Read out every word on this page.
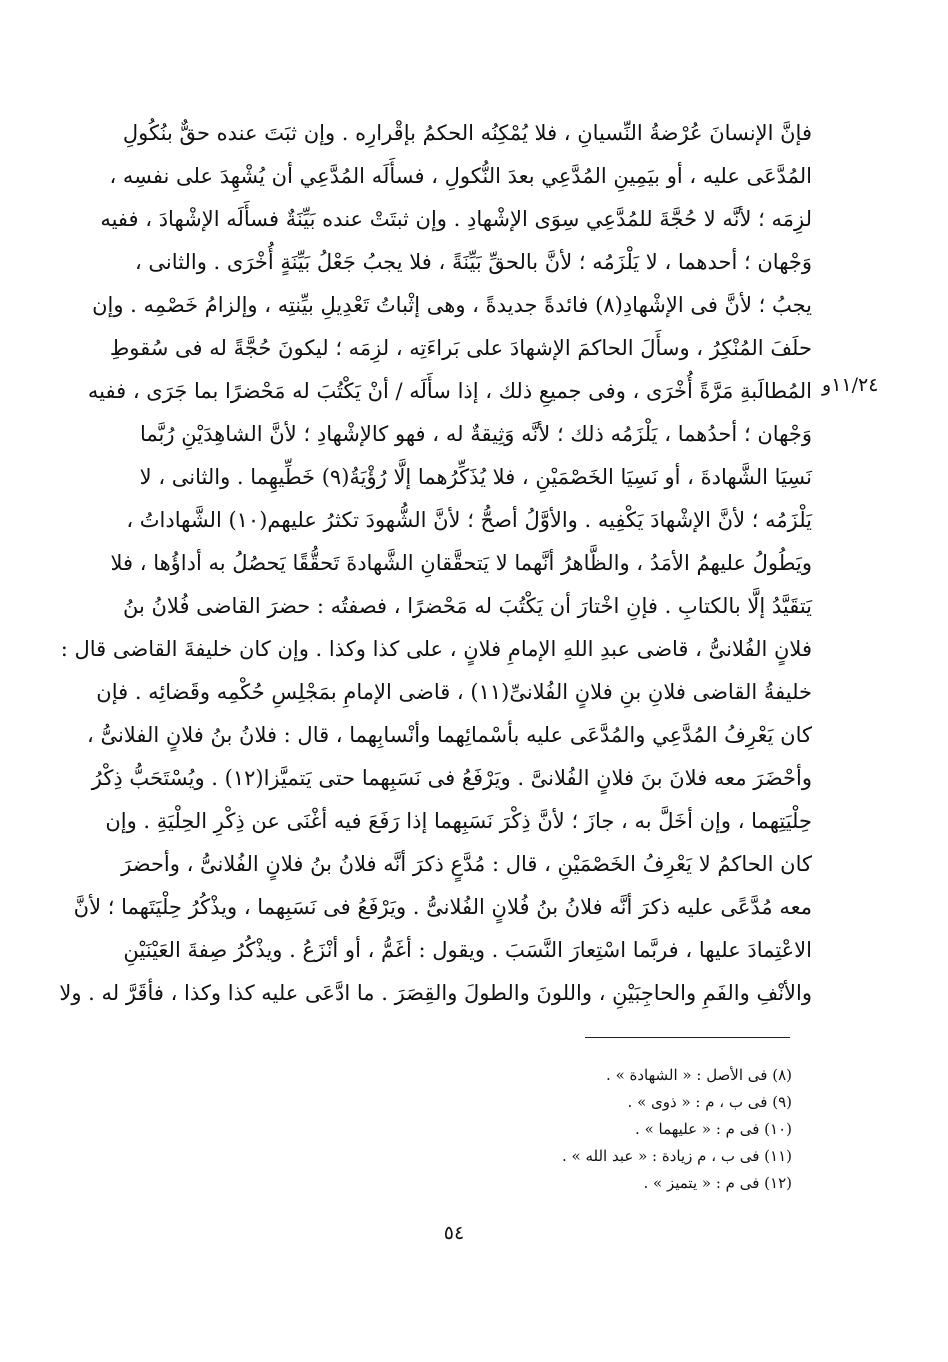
فإنَّ الإنسانَ عُرْضةُ النِّسيانِ ، فلا يُمْكِنُه الحكمُ بإقْرارِه . وإن ثبَتَ عنده حقٌّ بنُكُولِ
المُدَّعَى عليه ، أو بيَمِينِ المُدَّعِي بعدَ النُّكولِ ، فسأَلَه المُدَّعِي أن يُشْهِدَ على نفسِه ،
لزِمَه ؛ لأنَّه لا حُجَّةَ للمُدَّعِي سِوَى الإشْهادِ . وإن ثبتَتْ عنده بَيِّنَةٌ فسأَلَه الإشْهادَ ، ففيه
وَجْهان ؛ أحدهما ، لا يَلْزَمُه ؛ لأنَّ بالحقِّ بَيِّنَةً ، فلا يجبُ جَعْلُ بَيِّنَةٍ أُخْرَى . والثانى ،
يجبُ ؛ لأنَّ فى الإشْهادِ(٨) فائدةً جديدةً ، وهى إثْباتُ تَعْدِيلِ بيِّنتِه ، وإلزامُ خَصْمِه . وإن
حلَفَ المُنْكِرُ ، وسأَلَ الحاكمَ الإشهادَ على بَراءَتِه ، لزِمَه ؛ ليكونَ حُجَّةً له فى سُقوطِ
المُطالَبةِ مَرَّةً أُخْرَى ، وفى جميعِ ذلك ، إذا سأَلَه / أنْ يَكْتُبَ له مَحْضرًا بما جَرَى ، ففيه
وَجْهان ؛ أحدُهما ، يَلْزَمُه ذلك ؛ لأنَّه وَثِيقةٌ له ، فهو كالإشْهادِ ؛ لأنَّ الشاهِدَيْنِ رُبَّما
نَسِيَا الشَّهادةَ ، أو نَسِيَا الخَصْمَيْنِ ، فلا يُذَكِّرُهما إلَّا رُؤْيَةُ(٩) خَطِّيهِما . والثانى ، لا
يَلْزَمُه ؛ لأنَّ الإشْهادَ يَكْفِيه . والأوَّلُ أصحُّ ؛ لأنَّ الشُّهودَ تكثرُ عليهم(١٠) الشَّهاداتُ ،
ويَطُولُ عليهمُ الأمَدُ ، والظَّاهرُ أنَّهما لا يَتحقَّقانِ الشَّهادةَ تَحقُّقًا يَحصُلُ به أداؤُها ، فلا
يَتقَيَّدُ إلَّا بالكتابِ . فإنِ اخْتارَ أن يَكْتُبَ له مَحْضرًا ، فصفتُه : حضرَ القاضى فُلانُ بنُ
فلانٍ الفُلانىُّ ، قاضى عبدِ اللهِ الإمامِ فلانٍ ، على كذا وكذا . وإن كان خليفةَ القاضى قال :
خليفةُ القاضى فلانِ بنِ فلانٍ الفُلانىِّ(١١) ، قاضى الإمامِ بمَجْلِسِ حُكْمِه وقَضائِه . فإن
كان يَعْرِفُ المُدَّعِي والمُدَّعَى عليه بأسْمائِهما وأنْسابِهما ، قال : فلانُ بنُ فلانٍ الفلانىُّ ،
وأحْضَرَ معه فلانَ بنَ فلانٍ الفُلانىَّ . ويَرْفَعُ فى نَسَبِهما حتى يَتميَّزا(١٢) . ويُسْتَحَبُّ ذِكْرُ
حِلْيَتِهما ، وإن أخَلَّ به ، جازَ ؛ لأنَّ ذِكْرَ نَسَبِهما إذا رَفَعَ فيه أغْنَى عن ذِكْرِ الحِلْيَةِ . وإن
كان الحاكمُ لا يَعْرِفُ الخَصْمَيْنِ ، قال : مُدَّعٍ ذكرَ أنَّه فلانُ بنُ فلانٍ الفُلانىُّ ، وأحضرَ
معه مُدَّعًى عليه ذكرَ أنَّه فلانُ بنُ فُلانٍ الفُلانىُّ . ويَرْفَعُ فى نَسَبِهما ، ويذْكُرُ حِلْيَتَهما ؛ لأنَّ
الاعْتِمادَ عليها ، فربَّما اسْتِعارَ النَّسَبَ . ويقول : أغَمُّ ، أو أنْزَعُ . ويذْكُرُ صِفةَ العَيْنَيْنِ
والأنْفِ والفَمِ والحاجِبَيْنِ ، واللونَ والطولَ والقِصَرَ . ما ادَّعَى عليه كذا وكذا ، فأقَرَّ له . ولا
١١/٢٤و
(٨) فى الأصل : « الشهادة » .
(٩) فى ب ، م : « ذوى » .
(١٠) فى م : « عليهما » .
(١١) فى ب ، م زيادة : « عبد الله » .
(١٢) فى م : « يتميز » .
٥٤
